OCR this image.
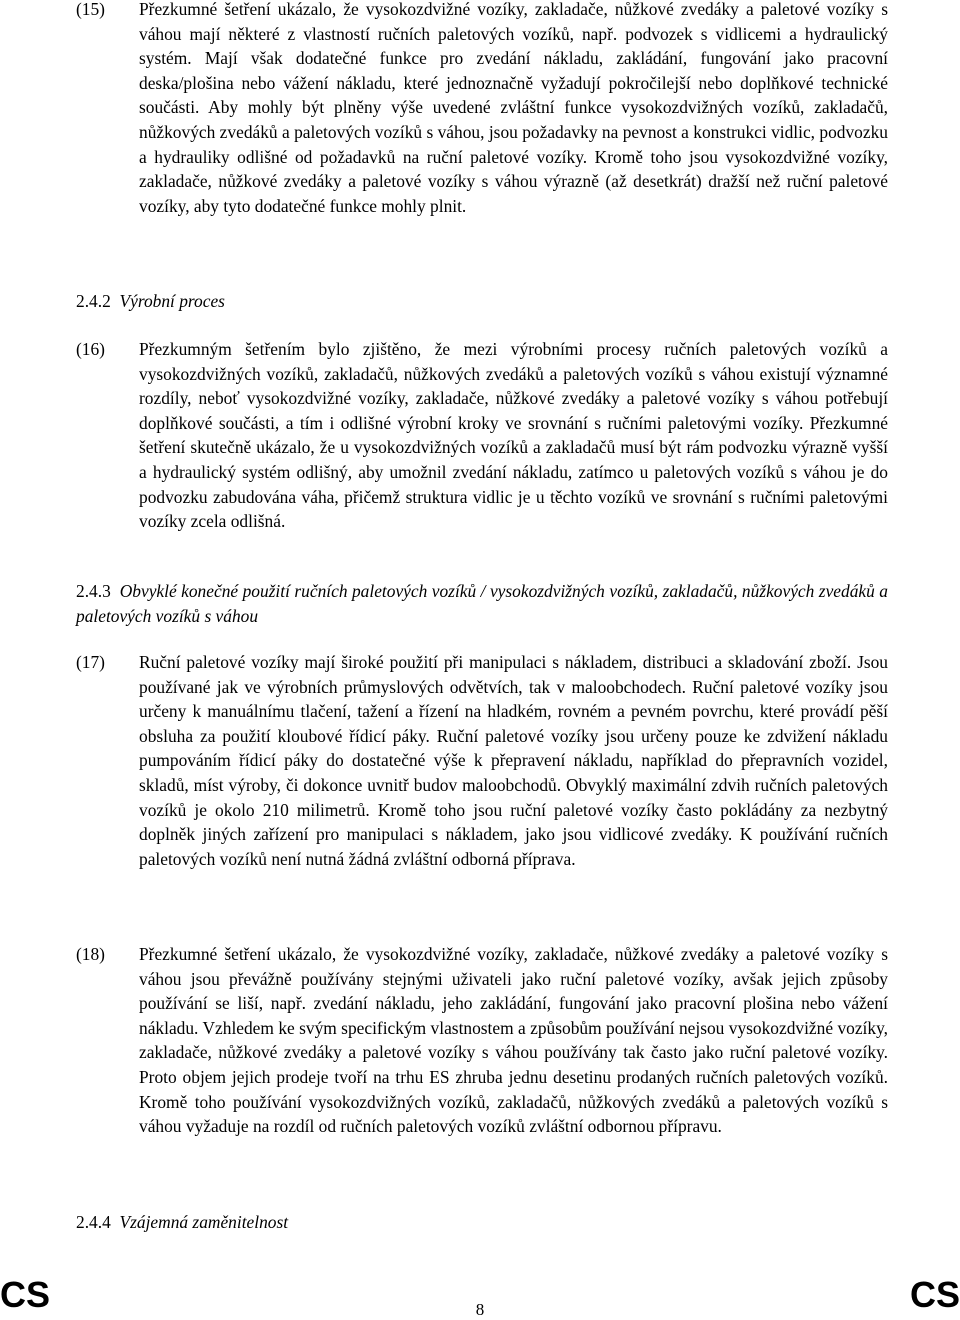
(15)	Přezkumné šetření ukázalo, že vysokozdvižné vozíky, zakladače, nůžkové zvedáky a paletové vozíky s váhou mají některé z vlastností ručních paletových vozíků, např. podvozek s vidlicemi a hydraulický systém. Mají však dodatečné funkce pro zvedání nákladu, zakládání, fungování jako pracovní deska/plošina nebo vážení nákladu, které jednoznačně vyžadují pokročilejší nebo doplňkové technické součásti. Aby mohly být plněny výše uvedené zvláštní funkce vysokozdvižných vozíků, zakladačů, nůžkových zvedáků a paletových vozíků s váhou, jsou požadavky na pevnost a konstrukci vidlic, podvozku a hydrauliky odlišné od požadavků na ruční paletové vozíky. Kromě toho jsou vysokozdvižné vozíky, zakladače, nůžkové zvedáky a paletové vozíky s váhou výrazně (až desetkrát) dražší než ruční paletové vozíky, aby tyto dodatečné funkce mohly plnit.
2.4.2  Výrobní proces
(16)	Přezkumným šetřením bylo zjištěno, že mezi výrobními procesy ručních paletových vozíků a vysokozdvižných vozíků, zakladačů, nůžkových zvedáků a paletových vozíků s váhou existují významné rozdíly, neboť vysokozdvižné vozíky, zakladače, nůžkové zvedáky a paletové vozíky s váhou potřebují doplňkové součásti, a tím i odlišné výrobní kroky ve srovnání s ručními paletovými vozíky. Přezkumné šetření skutečně ukázalo, že u vysokozdvižných vozíků a zakladačů musí být rám podvozku výrazně vyšší a hydraulický systém odlišný, aby umožnil zvedání nákladu, zatímco u paletových vozíků s váhou je do podvozku zabudována váha, přičemž struktura vidlic je u těchto vozíků ve srovnání s ručními paletovými vozíky zcela odlišná.
2.4.3  Obvyklé konečné použití ručních paletových vozíků / vysokozdvižných vozíků, zakladačů, nůžkových zvedáků a paletových vozíků s váhou
(17)	Ruční paletové vozíky mají široké použití při manipulaci s nákladem, distribuci a skladování zboží. Jsou používané jak ve výrobních průmyslových odvětvích, tak v maloobchodech. Ruční paletové vozíky jsou určeny k manuálnímu tlačení, tažení a řízení na hladkém, rovném a pevném povrchu, které provádí pěší obsluha za použití kloubové řídicí páky. Ruční paletové vozíky jsou určeny pouze ke zdvižení nákladu pumpováním řídicí páky do dostatečné výše k přepravení nákladu, například do přepravních vozidel, skladů, míst výroby, či dokonce uvnitř budov maloobchodů. Obvyklý maximální zdvih ručních paletových vozíků je okolo 210 milimetrů. Kromě toho jsou ruční paletové vozíky často pokládány za nezbytný doplněk jiných zařízení pro manipulaci s nákladem, jako jsou vidlicové zvedáky. K používání ručních paletových vozíků není nutná žádná zvláštní odborná příprava.
(18)	Přezkumné šetření ukázalo, že vysokozdvižné vozíky, zakladače, nůžkové zvedáky a paletové vozíky s váhou jsou převážně používány stejnými uživateli jako ruční paletové vozíky, avšak jejich způsoby používání se liší, např. zvedání nákladu, jeho zakládání, fungování jako pracovní plošina nebo vážení nákladu. Vzhledem ke svým specifickým vlastnostem a způsobům používání nejsou vysokozdvižné vozíky, zakladače, nůžkové zvedáky a paletové vozíky s váhou používány tak často jako ruční paletové vozíky. Proto objem jejich prodeje tvoří na trhu ES zhruba jednu desetinu prodaných ručních paletových vozíků. Kromě toho používání vysokozdvižných vozíků, zakladačů, nůžkových zvedáků a paletových vozíků s váhou vyžaduje na rozdíl od ručních paletových vozíků zvláštní odbornou přípravu.
2.4.4  Vzájemná zaměnitelnost
CS	8	CS
